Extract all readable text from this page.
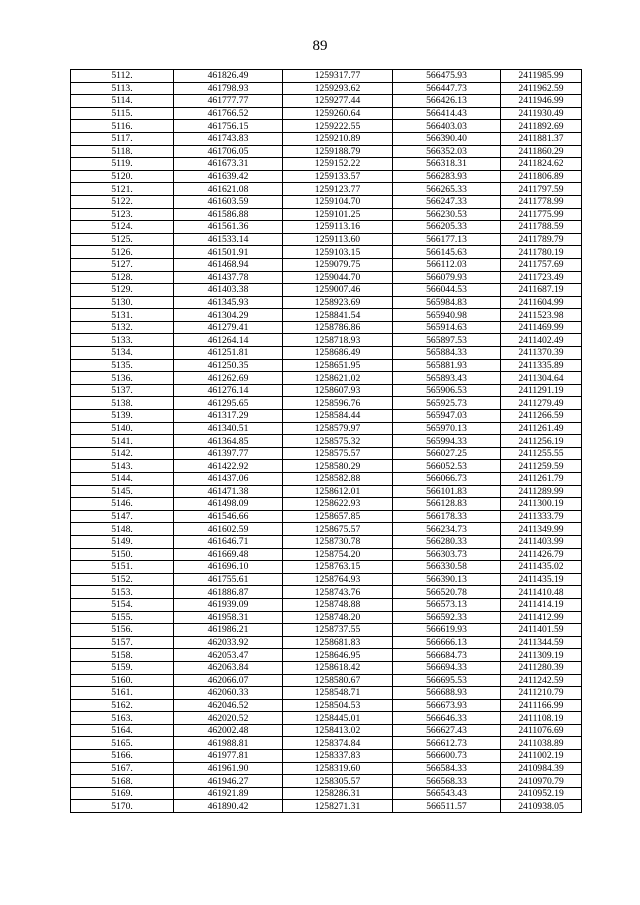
89
5112.	461826.49	1259317.77	566475.93	2411985.99
5113.	461798.93	1259293.62	566447.73	2411962.59
5114.	461777.77	1259277.44	566426.13	2411946.99
5115.	461766.52	1259260.64	566414.43	2411930.49
5116.	461756.15	1259222.55	566403.03	2411892.69
5117.	461743.83	1259210.89	566390.40	2411881.37
5118.	461706.05	1259188.79	566352.03	2411860.29
5119.	461673.31	1259152.22	566318.31	2411824.62
5120.	461639.42	1259133.57	566283.93	2411806.89
5121.	461621.08	1259123.77	566265.33	2411797.59
5122.	461603.59	1259104.70	566247.33	2411778.99
5123.	461586.88	1259101.25	566230.53	2411775.99
5124.	461561.36	1259113.16	566205.33	2411788.59
5125.	461533.14	1259113.60	566177.13	2411789.79
5126.	461501.91	1259103.15	566145.63	2411780.19
5127.	461468.94	1259079.75	566112.03	2411757.69
5128.	461437.78	1259044.70	566079.93	2411723.49
5129.	461403.38	1259007.46	566044.53	2411687.19
5130.	461345.93	1258923.69	565984.83	2411604.99
5131.	461304.29	1258841.54	565940.98	2411523.98
5132.	461279.41	1258786.86	565914.63	2411469.99
5133.	461264.14	1258718.93	565897.53	2411402.49
5134.	461251.81	1258686.49	565884.33	2411370.39
5135.	461250.35	1258651.95	565881.93	2411335.89
5136.	461262.69	1258621.02	565893.43	2411304.64
5137.	461276.14	1258607.93	565906.53	2411291.19
5138.	461295.65	1258596.76	565925.73	2411279.49
5139.	461317.29	1258584.44	565947.03	2411266.59
5140.	461340.51	1258579.97	565970.13	2411261.49
5141.	461364.85	1258575.32	565994.33	2411256.19
5142.	461397.77	1258575.57	566027.25	2411255.55
5143.	461422.92	1258580.29	566052.53	2411259.59
5144.	461437.06	1258582.88	566066.73	2411261.79
5145.	461471.38	1258612.01	566101.83	2411289.99
5146.	461498.09	1258622.93	566128.83	2411300.19
5147.	461546.66	1258657.85	566178.33	2411333.79
5148.	461602.59	1258675.57	566234.73	2411349.99
5149.	461646.71	1258730.78	566280.33	2411403.99
5150.	461669.48	1258754.20	566303.73	2411426.79
5151.	461696.10	1258763.15	566330.58	2411435.02
5152.	461755.61	1258764.93	566390.13	2411435.19
5153.	461886.87	1258743.76	566520.78	2411410.48
5154.	461939.09	1258748.88	566573.13	2411414.19
5155.	461958.31	1258748.20	566592.33	2411412.99
5156.	461986.21	1258737.55	566619.93	2411401.59
5157.	462033.92	1258681.83	566666.13	2411344.59
5158.	462053.47	1258646.95	566684.73	2411309.19
5159.	462063.84	1258618.42	566694.33	2411280.39
5160.	462066.07	1258580.67	566695.53	2411242.59
5161.	462060.33	1258548.71	566688.93	2411210.79
5162.	462046.52	1258504.53	566673.93	2411166.99
5163.	462020.52	1258445.01	566646.33	2411108.19
5164.	462002.48	1258413.02	566627.43	2411076.69
5165.	461988.81	1258374.84	566612.73	2411038.89
5166.	461977.81	1258337.83	566600.73	2411002.19
5167.	461961.90	1258319.60	566584.33	2410984.39
5168.	461946.27	1258305.57	566568.33	2410970.79
5169.	461921.89	1258286.31	566543.43	2410952.19
5170.	461890.42	1258271.31	566511.57	2410938.05
